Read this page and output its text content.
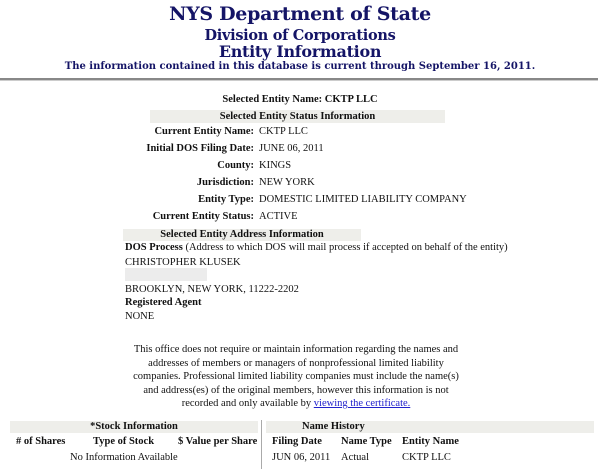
NYS Department of State
Division of Corporations
Entity Information
The information contained in this database is current through September 16, 2011.
Selected Entity Name: CKTP LLC
Selected Entity Status Information
Current Entity Name: CKTP LLC
Initial DOS Filing Date: JUNE 06, 2011
County: KINGS
Jurisdiction: NEW YORK
Entity Type: DOMESTIC LIMITED LIABILITY COMPANY
Current Entity Status: ACTIVE
Selected Entity Address Information
DOS Process (Address to which DOS will mail process if accepted on behalf of the entity)
CHRISTOPHER KLUSEK
BROOKLYN, NEW YORK, 11222-2202
Registered Agent
NONE
This office does not require or maintain information regarding the names and addresses of members or managers of nonprofessional limited liability companies. Professional limited liability companies must include the name(s) and address(es) of the original members, however this information is not recorded and only available by viewing the certificate.
*Stock Information
# of Shares	Type of Stock $ Value per Share
No Information Available
Name History
Filing Date Name Type Entity Name
JUN 06, 2011 Actual	CKTP LLC
